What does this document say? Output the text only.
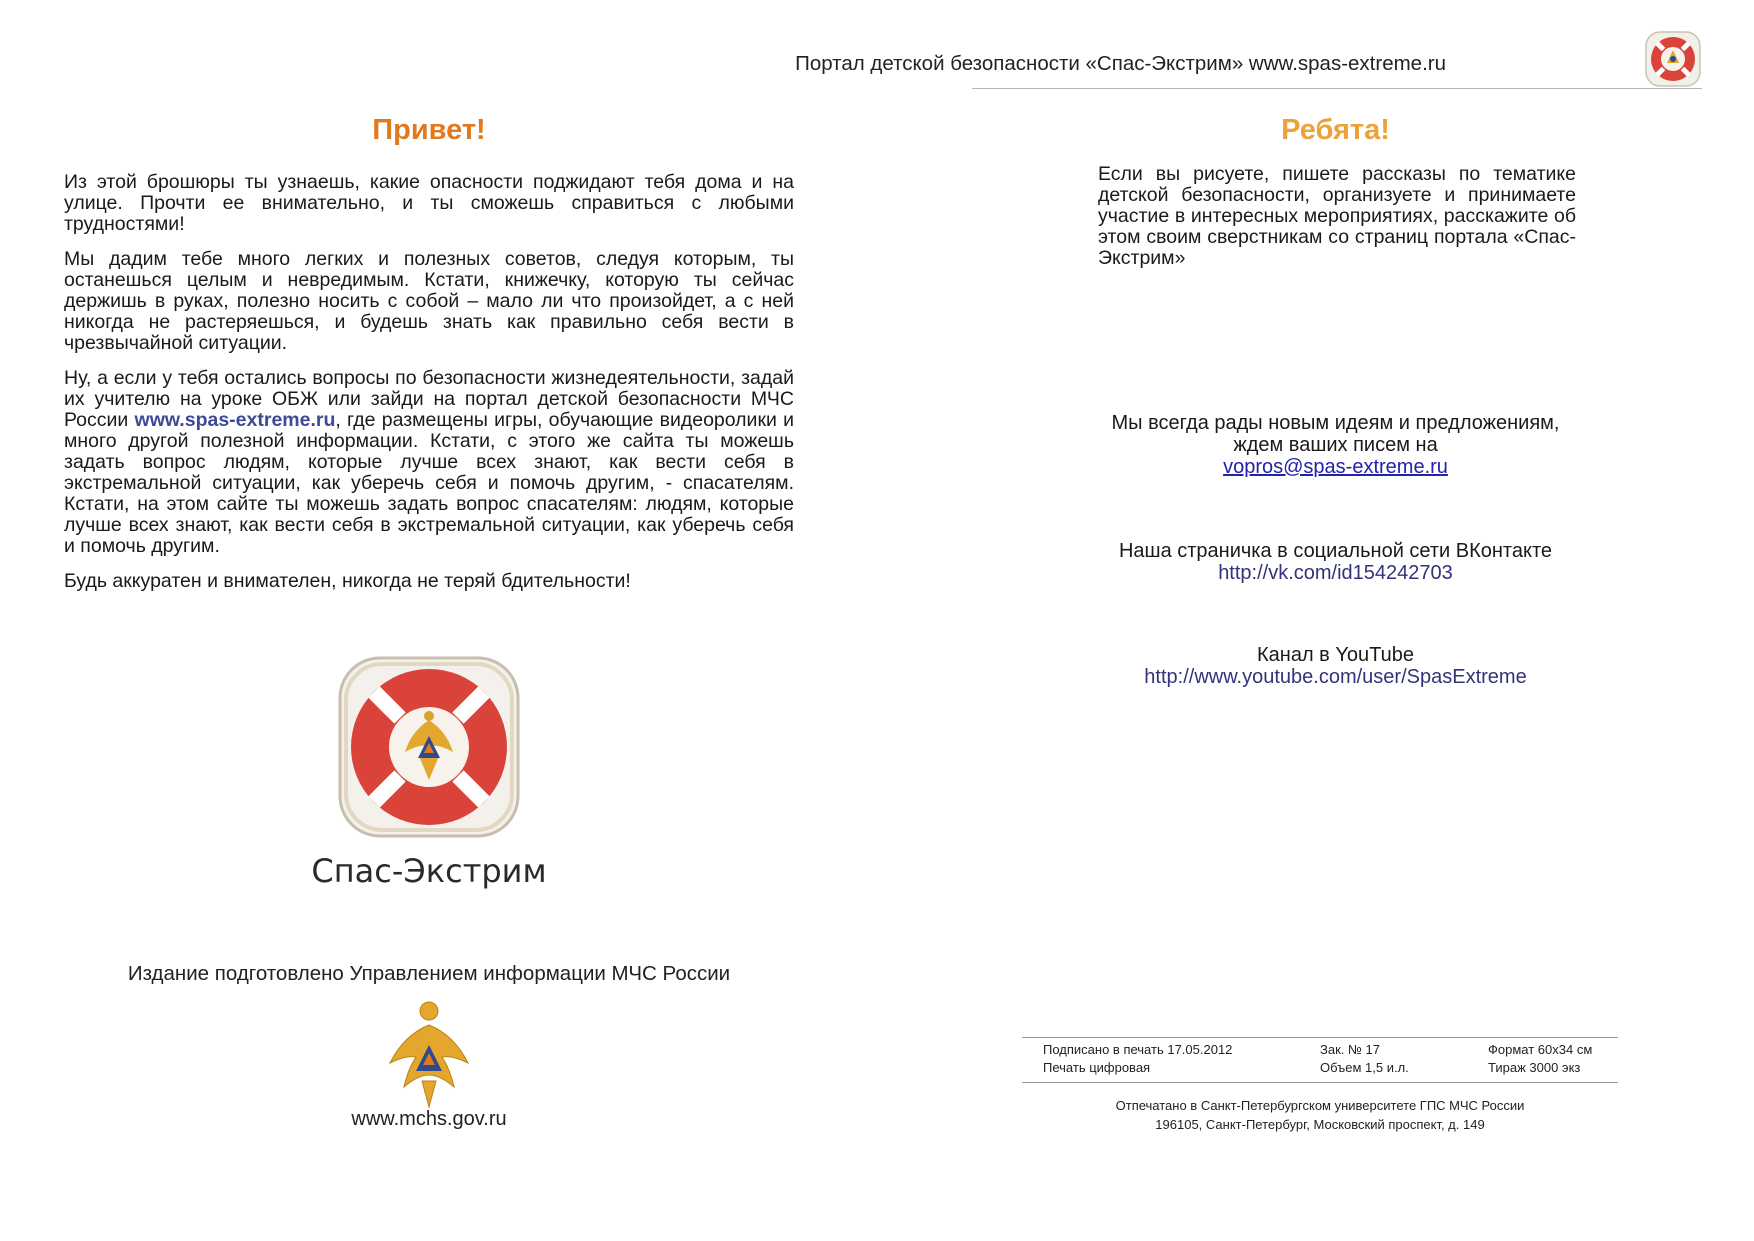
Портал детской безопасности «Спас-Экстрим» www.spas-extreme.ru
Привет!

Из этой брошюры ты узнаешь, какие опасности поджидают тебя дома и на улице. Прочти ее внимательно, и ты сможешь справиться с любыми трудностями!

Мы дадим тебе много легких и полезных советов, следуя которым, ты останешься целым и невредимым. Кстати, книжечку, которую ты сейчас держишь в руках, полезно носить с собой – мало ли что произойдет, а с ней никогда не растеряешься, и будешь знать как правильно себя вести в чрезвычайной ситуации.

Ну, а если у тебя остались вопросы по безопасности жизнедеятельности, задай их учителю на уроке ОБЖ или зайди на портал детской безопасности МЧС России www.spas-extreme.ru, где размещены игры, обучающие видеоролики и много другой полезной информации. Кстати, с этого же сайта ты можешь задать вопрос людям, которые лучше всех знают, как вести себя в экстремальной ситуации, как уберечь себя и помочь другим, - спасателям. Кстати, на этом сайте ты можешь задать вопрос спасателям: людям, которые лучше всех знают, как вести себя в экстремальной ситуации, как уберечь себя и помочь другим.

Будь аккуратен и внимателен, никогда не теряй бдительности!

Спас-Экстрим
Издание подготовлено Управлением информации МЧС России
www.mchs.gov.ru
Ребята!

Если вы рисуете, пишете рассказы по тематике детской безопасности, организуете и принимаете участие в интересных мероприятиях, расскажите об этом своим сверстникам со страниц портала «Спас-Экстрим»

Мы всегда рады новым идеям и предложениям,
ждем ваших писем на
vopros@spas-extreme.ru
Наша страничка в социальной сети ВКонтакте
http://vk.com/id154242703
Канал в YouTube
http://www.youtube.com/user/SpasExtreme
Подписано в печать 17.05.2012	Зак. № 17	Формат 60х34 см
Печать цифровая	Объем 1,5 и.л.	Тираж 3000 экз
Отпечатано в Санкт-Петербургском университете ГПС МЧС России
196105, Санкт-Петербург, Московский проспект, д. 149
